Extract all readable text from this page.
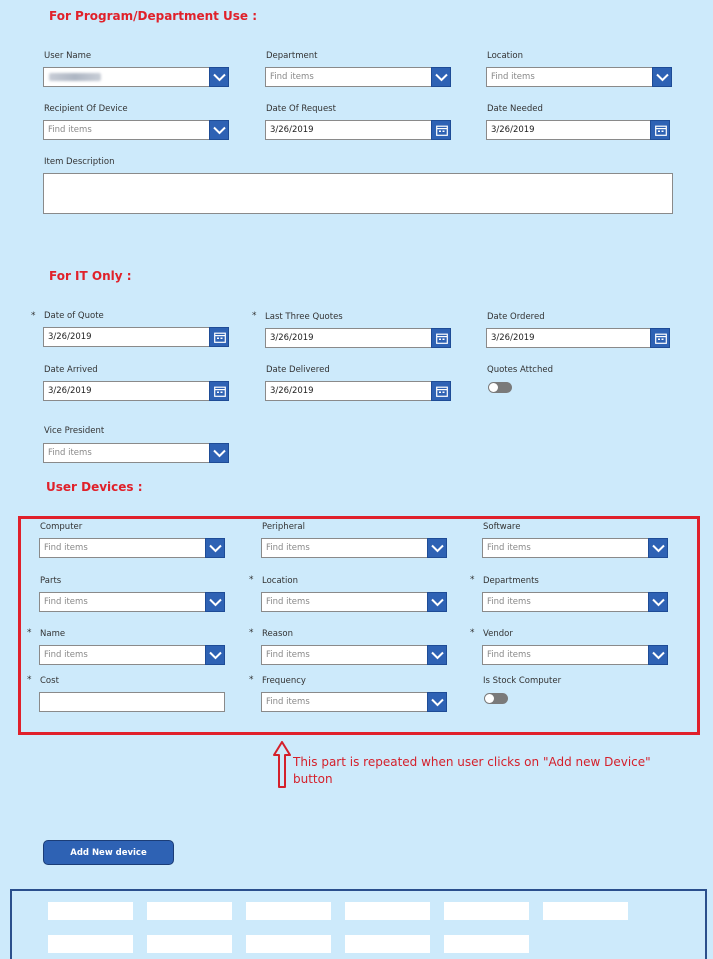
For Program/Department Use :
User Name	Department
Find items
Location
Find items
Recipient Of Device
Find items
Date Of Request
3/26/2019
Date Needed
3/26/2019
Item Description
For IT Only :
* Date of Quote
3/26/2019
* Last Three Quotes
3/26/2019
Date Ordered
3/26/2019
Date Arrived
3/26/2019
Date Delivered
3/26/2019
Quotes Attched
Vice President
Find items
User Devices :
Computer
Find items
Peripheral
Find items
Software
Find items
Parts
Find items
* Location
Find items
* Departments
Find items
* Name
Find items
* Reason
Find items
* Vendor
Find items
* Cost	* Frequency
Find items
Is Stock Computer
This part is repeated when user clicks on "Add new Device" button
Add New device
